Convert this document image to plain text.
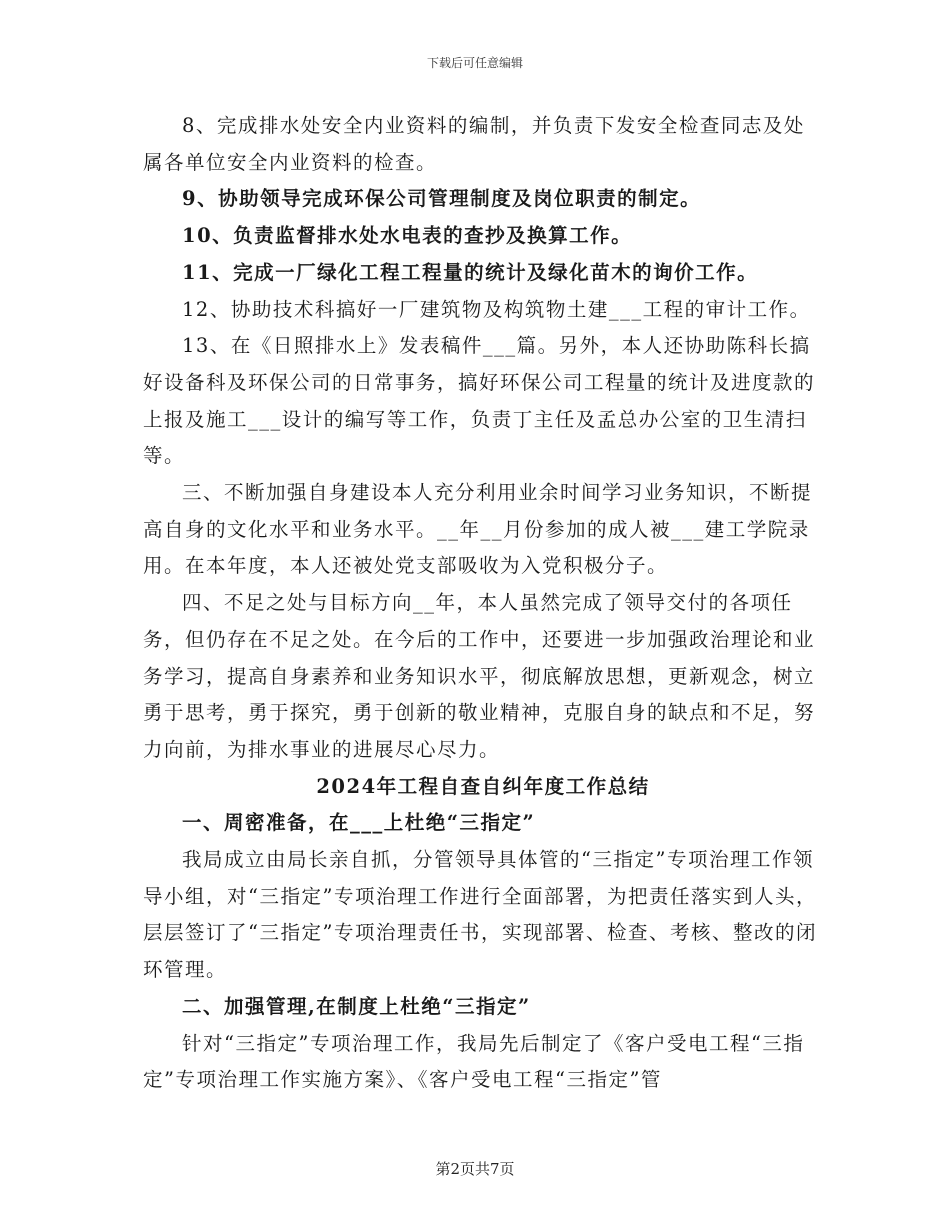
下载后可任意编辑

8、完成排水处安全内业资料的编制，并负责下发安全检查同志及处属各单位安全内业资料的检查。

9、协助领导完成环保公司管理制度及岗位职责的制定。

10、负责监督排水处水电表的查抄及换算工作。

11、完成一厂绿化工程工程量的统计及绿化苗木的询价工作。

12、协助技术科搞好一厂建筑物及构筑物土建___工程的审计工作。

13、在《日照排水上》发表稿件___篇。另外，本人还协助陈科长搞好设备科及环保公司的日常事务，搞好环保公司工程量的统计及进度款的上报及施工___设计的编写等工作，负责丁主任及孟总办公室的卫生清扫等。

三、不断加强自身建设本人充分利用业余时间学习业务知识，不断提高自身的文化水平和业务水平。__年__月份参加的成人被___建工学院录用。在本年度，本人还被处党支部吸收为入党积极分子。

四、不足之处与目标方向__年，本人虽然完成了领导交付的各项任务，但仍存在不足之处。在今后的工作中，还要进一步加强政治理论和业务学习，提高自身素养和业务知识水平，彻底解放思想，更新观念，树立勇于思考，勇于探究，勇于创新的敬业精神，克服自身的缺点和不足，努力向前，为排水事业的进展尽心尽力。

2024年工程自查自纠年度工作总结

一、周密准备，在___上杜绝“三指定”

我局成立由局长亲自抓，分管领导具体管的“三指定”专项治理工作领导小组，对“三指定”专项治理工作进行全面部署，为把责任落实到人头，层层签订了“三指定”专项治理责任书，实现部署、检查、考核、整改的闭环管理。

二、加强管理,在制度上杜绝“三指定”

针对“三指定”专项治理工作，我局先后制定了《客户受电工程“三指定”专项治理工作实施方案》、《客户受电工程“三指定”管

第2页共7页
